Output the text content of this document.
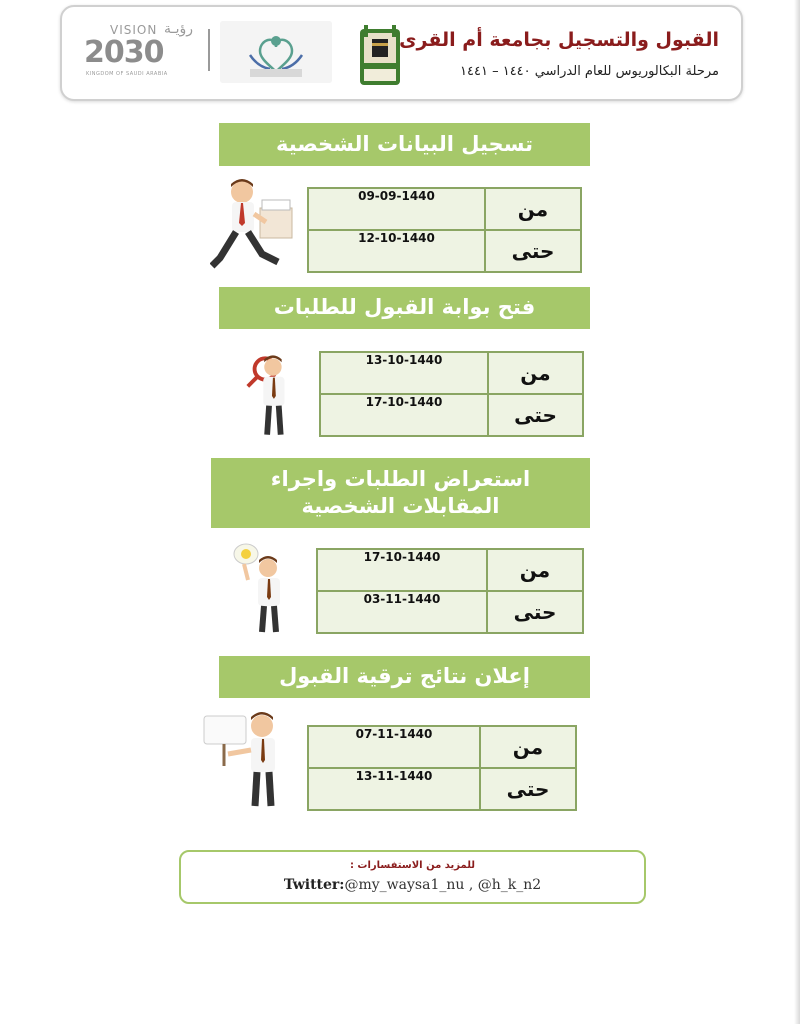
VISION رؤيـة
2030
KINGDOM OF SAUDI ARABIA
القبول والتسجيل بجامعة أم القرى
مرحلة البكالوريوس للعام الدراسي ١٤٤٠ – ١٤٤١
تسجيل البيانات الشخصية
09-09-1440	من
12-10-1440	حتى
فتح بوابة القبول للطلبات
13-10-1440	من
17-10-1440	حتى
استعراض الطلبات واجراء المقابلات الشخصية
17-10-1440	من
03-11-1440	حتى
إعلان نتائج ترقية القبول
07-11-1440	من
13-11-1440	حتى
للمزيد من الاستفسارات :
Twitter:@my_waysa1_nu , @h_k_n2
